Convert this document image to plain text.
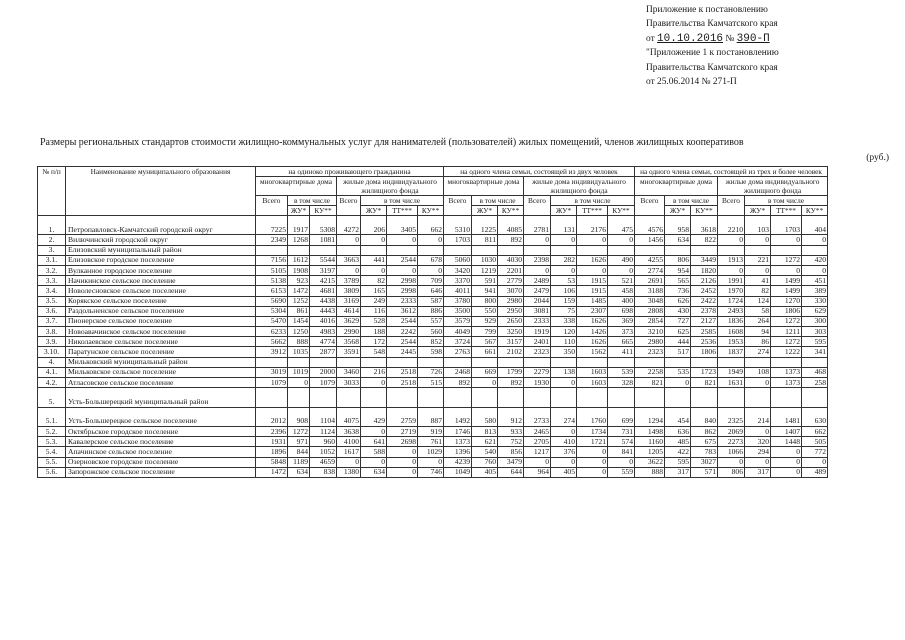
Приложение к постановлению
Правительства Камчатского края
от 10.10.2016 № 390-П
"Приложение 1 к постановлению
Правительства Камчатского края
от 25.06.2014 № 271-П
Размеры региональных стандартов стоимости жилищно-коммунальных услуг для нанимателей (пользователей) жилых помещений, членов жилищных кооперативов
(руб.)
№ п/п	Наименование муниципального образования	на одиноко проживающего гражданина							на одного члена семьи, состоящей из двух человек							на одного члена семьи, состоящей из трех и более человек						
		многоквартирные дома			жилые дома индивидуального жилищного фонда				многоквартирные дома			жилые дома индивидуального жилищного фонда				многоквартирные дома			жилые дома индивидуального жилищного фонда			
		Всего	в том числе		Всего	в том числе			Всего	в том числе		Всего	в том числе			Всего	в том числе		Всего	в том числе		
			ЖУ*	КУ**		ЖУ*	ТТ***	КУ**		ЖУ*	КУ**		ЖУ*	ТТ***	КУ**		ЖУ*	КУ**		ЖУ*	ТТ***	КУ**
1.	Петропавловск-Камчатский городской округ	7225	1917	5308	4272	206	3405	662	5310	1225	4085	2781	131	2176	475	4576	958	3618	2210	103	1703	404
2.	Вилючинский городской округ	2349	1268	1081	0	0	0	0	1703	811	892	0	0	0	0	1456	634	822	0	0	0	0
3.	Елизовский муниципальный район																					
3.1.	Елизовское городское поселение	7156	1612	5544	3663	441	2544	678	5060	1030	4030	2398	282	1626	490	4255	806	3449	1913	221	1272	420
3.2.	Вулканное городское поселение	5105	1908	3197	0	0	0	0	3420	1219	2201	0	0	0	0	2774	954	1820	0	0	0	0
3.3.	Начикинское сельское поселение	5138	923	4215	3789	82	2998	709	3370	591	2779	2489	53	1915	521	2691	565	2126	1991	41	1499	451
3.4.	Новолесновское сельское поселение	6153	1472	4681	3809	165	2998	646	4011	941	3070	2479	106	1915	458	3188	736	2452	1970	82	1499	389
3.5.	Корякское сельское поселение	5690	1252	4438	3169	249	2333	587	3780	800	2980	2044	159	1485	400	3048	626	2422	1724	124	1270	330
3.6.	Раздольненское сельское поселение	5304	861	4443	4614	116	3612	886	3500	550	2950	3081	75	2307	698	2808	430	2378	2493	58	1806	629
3.7.	Пионерское сельское поселение	5470	1454	4016	3629	528	2544	557	3579	929	2650	2333	338	1626	369	2854	727	2127	1836	264	1272	300
3.8.	Новоавачинское сельское поселение	6233	1250	4983	2990	188	2242	560	4049	799	3250	1919	120	1426	373	3210	625	2585	1608	94	1211	303
3.9.	Николаевское сельское поселение	5662	888	4774	3568	172	2544	852	3724	567	3157	2401	110	1626	665	2980	444	2536	1953	86	1272	595
3.10.	Паратунское сельское поселение	3912	1035	2877	3591	548	2445	598	2763	661	2102	2323	350	1562	411	2323	517	1806	1837	274	1222	341
4.	Мильковский муниципальный район																					
4.1.	Мильковское сельское поселение	3019	1019	2000	3460	216	2518	726	2468	669	1799	2279	138	1603	539	2258	535	1723	1949	108	1373	468
4.2.	Атласовское сельское поселение	1079	0	1079	3033	0	2518	515	892	0	892	1930	0	1603	328	821	0	821	1631	0	1373	258
5.	Усть-Большерецкий муниципальный район																					
5.1.	Усть-Большерецкое сельское поселение	2012	908	1104	4075	429	2759	887	1492	580	912	2733	274	1760	699	1294	454	840	2325	214	1481	630
5.2.	Октябрьское городское поселение	2396	1272	1124	3638	0	2719	919	1746	813	933	2465	0	1734	731	1498	636	862	2069	0	1407	662
5.3.	Кавалерское сельское поселение	1931	971	960	4100	641	2698	761	1373	621	752	2705	410	1721	574	1160	485	675	2273	320	1448	505
5.4.	Апачинское сельское поселение	1896	844	1052	1617	588	0	1029	1396	540	856	1217	376	0	841	1205	422	783	1066	294	0	772
5.5.	Озерновское городское поселение	5848	1189	4659	0	0	0	0	4239	760	3479	0	0	0	0	3622	595	3027	0	0	0	0
5.6.	Запорожское сельское поселение	1472	634	838	1380	634	0	746	1049	405	644	964	405	0	559	888	317	571	806	317	0	489
